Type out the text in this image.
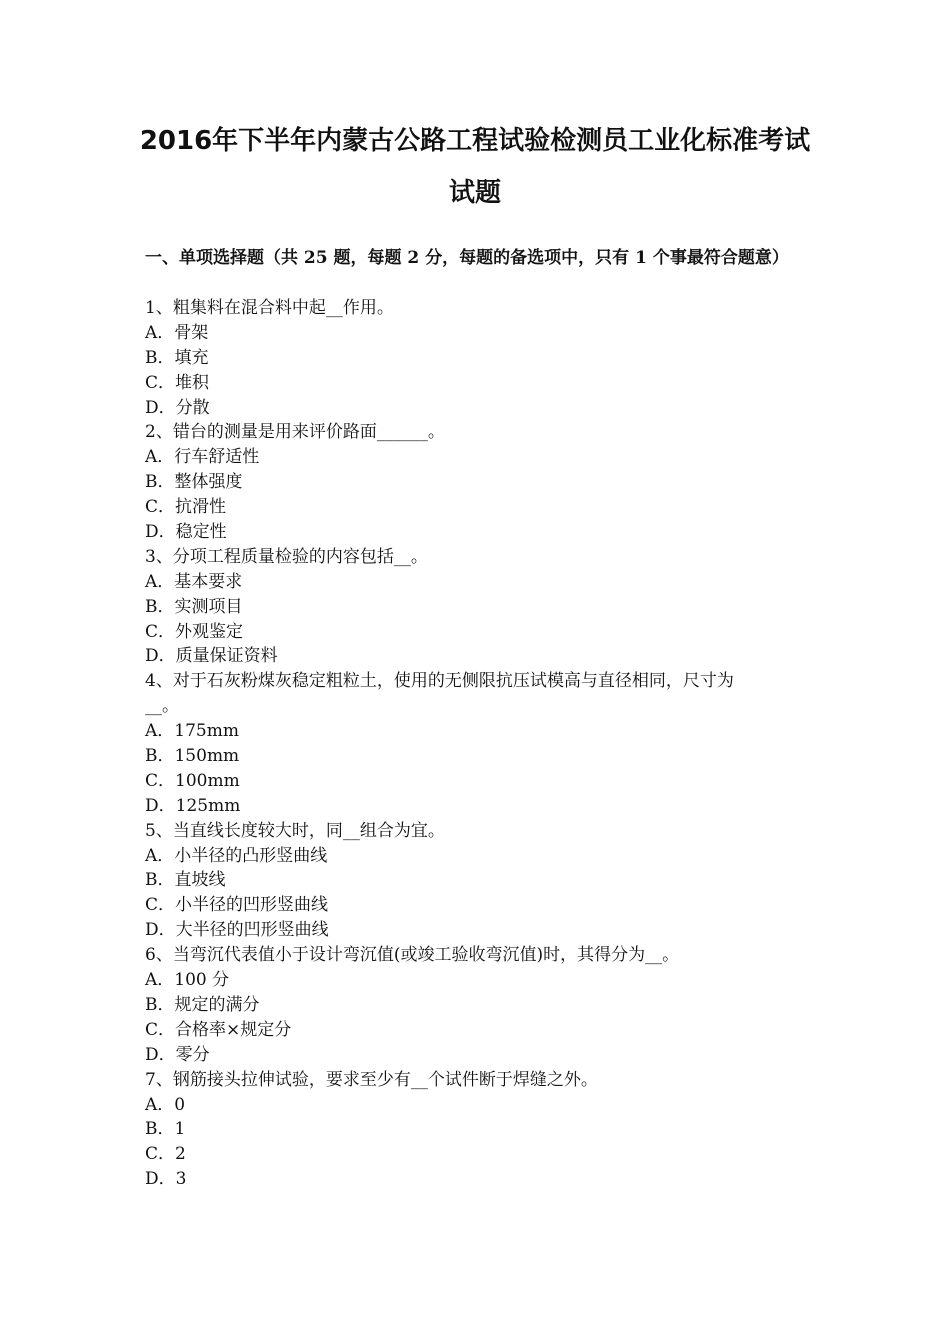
2016年下半年内蒙古公路工程试验检测员工业化标准考试
试题
一、单项选择题（共 25 题，每题 2 分，每题的备选项中，只有 1 个事最符合题意）
1、粗集料在混合料中起__作用。
A．骨架
B．填充
C．堆积
D．分散
2、错台的测量是用来评价路面______。
A．行车舒适性
B．整体强度
C．抗滑性
D．稳定性
3、分项工程质量检验的内容包括__。
A．基本要求
B．实测项目
C．外观鉴定
D．质量保证资料
4、对于石灰粉煤灰稳定粗粒土，使用的无侧限抗压试模高与直径相同，尺寸为
__。
A．175mm
B．150mm
C．100mm
D．125mm
5、当直线长度较大时，同__组合为宜。
A．小半径的凸形竖曲线
B．直坡线
C．小半径的凹形竖曲线
D．大半径的凹形竖曲线
6、当弯沉代表值小于设计弯沉值(或竣工验收弯沉值)时，其得分为__。
A．100 分
B．规定的满分
C．合格率×规定分
D．零分
7、钢筋接头拉伸试验，要求至少有__个试件断于焊缝之外。
A．0
B．1
C．2
D．3
